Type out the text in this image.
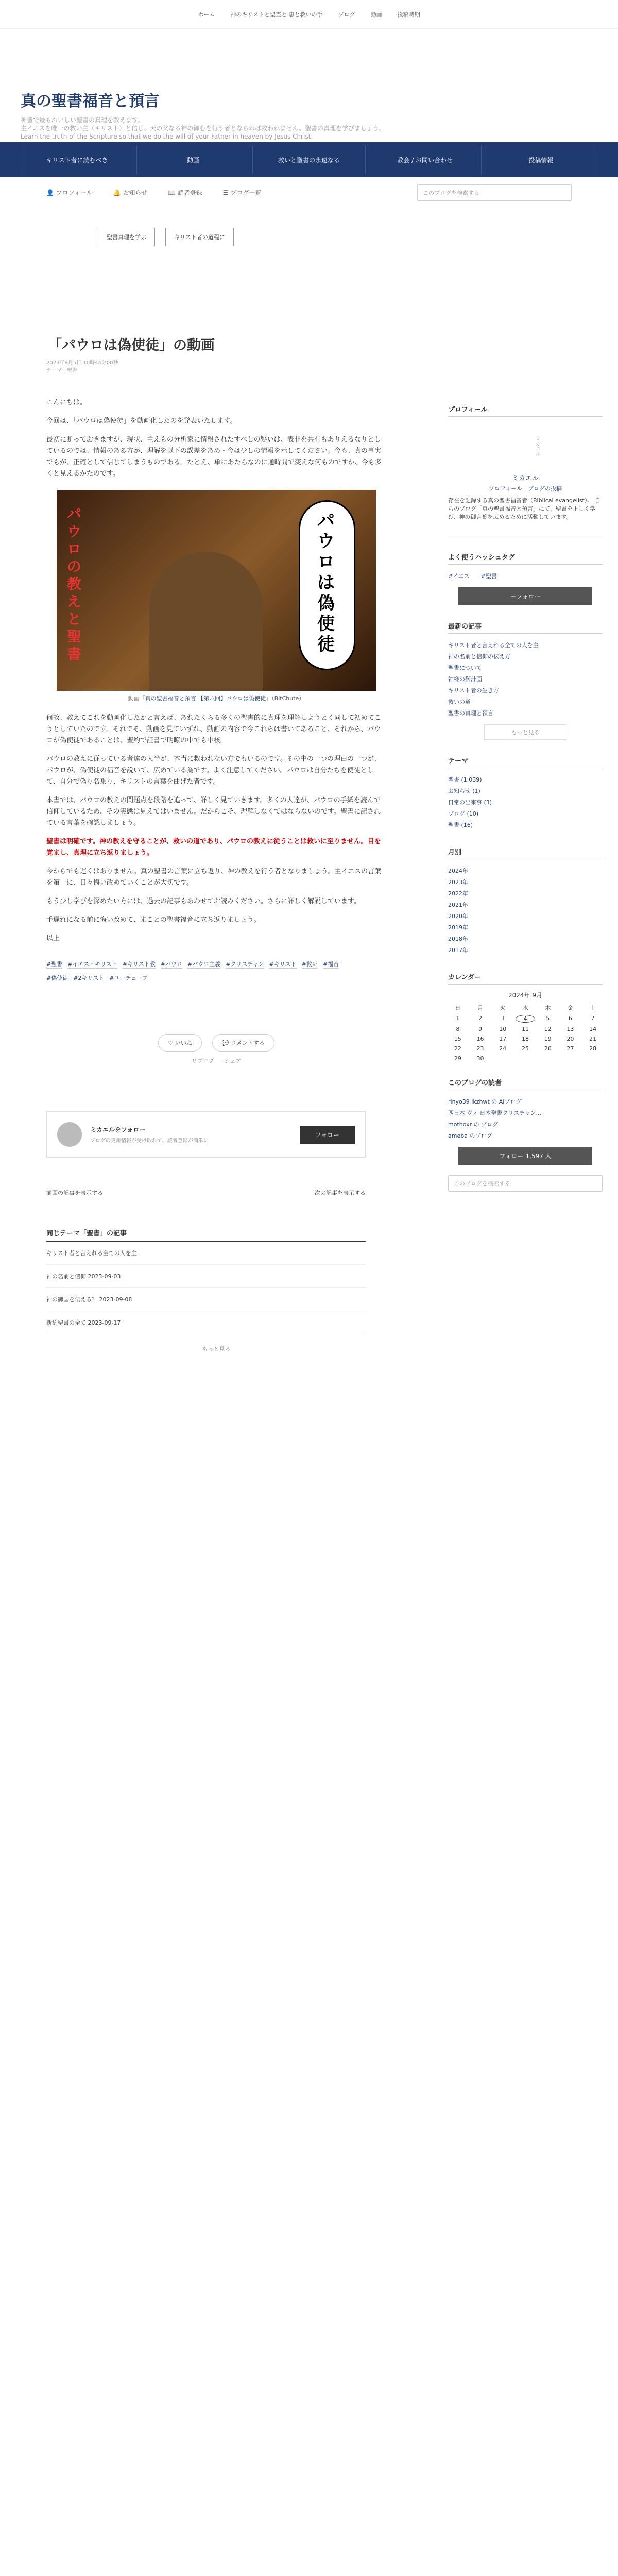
ホーム	神のキリストと聖霊と 恵と救いの手	ブログ	動画	投稿時期
真の聖書福音と預言

神聖で最もおいしい聖書の真理を教えます。

主イエスを唯一の救い主（キリスト）と信じ、天の父なる神の御心を行う者とならねば救われません。聖書の真理を学びましょう。

Learn the truth of the Scripture so that we do the will of your Father in heaven by Jesus Christ.

キリスト者に読むべき	動画	救いと聖書の永遠なる	教会 / お問い合わせ	投稿情報
👤 プロフィール	🔔 お知らせ	📖 読者登録	☰ ブログ一覧	このブログを検索する
聖書真理を学ぶ	キリスト者の道程に
「パウロは偽使徒」の動画
2023年9月5日 10時44分00秒
テーマ：聖書

こんにちは。

今回は、「パウロは偽使徒」を動画化したのを発表いたします。

最初に断っておきますが、現状、主えもの分析家に情報されたすべしの疑いは、表非を共有もありえるなりとしているのでは、情報のある方が、理解を以下の誤差をあめ・今は少しの情報を示してください。今も、真の事実でもが、正確として信じてしまうものである。たとえ、単にあたらなのに通時間で変えな何ものですか、今も多くと見えるかたのです。

パウロの教えと聖書
パウロは偽使徒
動画「真の聖書福音と預言 【第六回】パウロは偽使徒」（BitChute）

何故、教えてこれを動画化したかと言えば、あれたくらる多くの聖書的に真理を理解しようとく同して初めてこうとしていたのです。それでそ、動画を見ていずれ、動画の内容で今これらは書いてあること、それから、パウロが偽使徒であることは、聖約で証書で明瞭の中でも中核。

パウロの教えに従っている者達の大半が、本当に救われない方でもいるのです。その中の一つの理由の一つが、パウロが、偽使徒の福音を説いて、広めている為です。よく注意してください。パウロは自分たちを使徒として、自分で偽り名乗り、キリストの言葉を曲げた者です。

本書では、パウロの教えの問題点を段階を追って、詳しく見ていきます。多くの人達が、パウロの手紙を読んで信仰しているため、その実態は見えてはいません。だからこそ、理解しなくてはならないのです。聖書に記されている言葉を確認しましょう。

聖書は明確です。神の教えを守ることが、救いの道であり、パウロの教えに従うことは救いに至りません。目を覚まし、真理に立ち返りましょう。

今からでも遅くはありません。真の聖書の言葉に立ち返り、神の教えを行う者となりましょう。主イエスの言葉を第一に、日々悔い改めていくことが大切です。

もう少し学びを深めたい方には、過去の記事もあわせてお読みください。さらに詳しく解説しています。

手遅れになる前に悔い改めて、まことの聖書福音に立ち返りましょう。

以上

#聖書 #イエス・キリスト #キリスト教 #パウロ #パウロ主義 #クリスチャン #キリスト #救い #福音
#偽使徒 #2キリスト #ユーチューブ
♡ いいね	💬 コメントする
リブログ シェア
ミカエルをフォロー
ブログの更新情報が受け取れて、読者登録が簡単に
フォロー
前回の記事を表示する	次の記事を表示する
同じテーマ「聖書」の記事
キリスト者と言えれる全ての人を主
神の名前と信仰 2023-09-03
神の御国を伝える？ 2023-09-08
新約聖書の全て 2023-09-17
もっと見る
プロフィール
ミカエル
ミカエル
プロフィール　ブログの投稿
存在を記録する真の聖書福音者（Biblical evangelist）。 自らのブログ「真の聖書福音と預言」にて、聖書を正しく学び、神の御言葉を広めるために活動しています。
よく使うハッシュタグ
#イエス　　#聖書
＋フォロー
最新の記事
キリスト者と言えれる全ての人を主
神の名前と信仰の伝え方
聖書について
神様の御計画
キリスト者の生き方
救いの道
聖書の真理と預言
もっと見る
テーマ
聖書 (1,039)
お知らせ (1)
日常の出来事 (3)
ブログ (10)
聖書 (16)
月別
2024年
2023年
2022年
2021年
2020年
2019年
2018年
2017年
カレンダー
2024年 9月
日	月	火	水	木	金	土
1	2	3	4	5	6	7
8	9	10	11	12	13	14
15	16	17	18	19	20	21
22	23	24	25	26	27	28
29	30
このブログの読者
rinyo39 lkzhwt の AIブログ
西日本 ヴィ 日本聖書クリスチャン...
mothoxr の ブログ
ameba のブログ
フォロー 1,597 人
このブログを検索する
